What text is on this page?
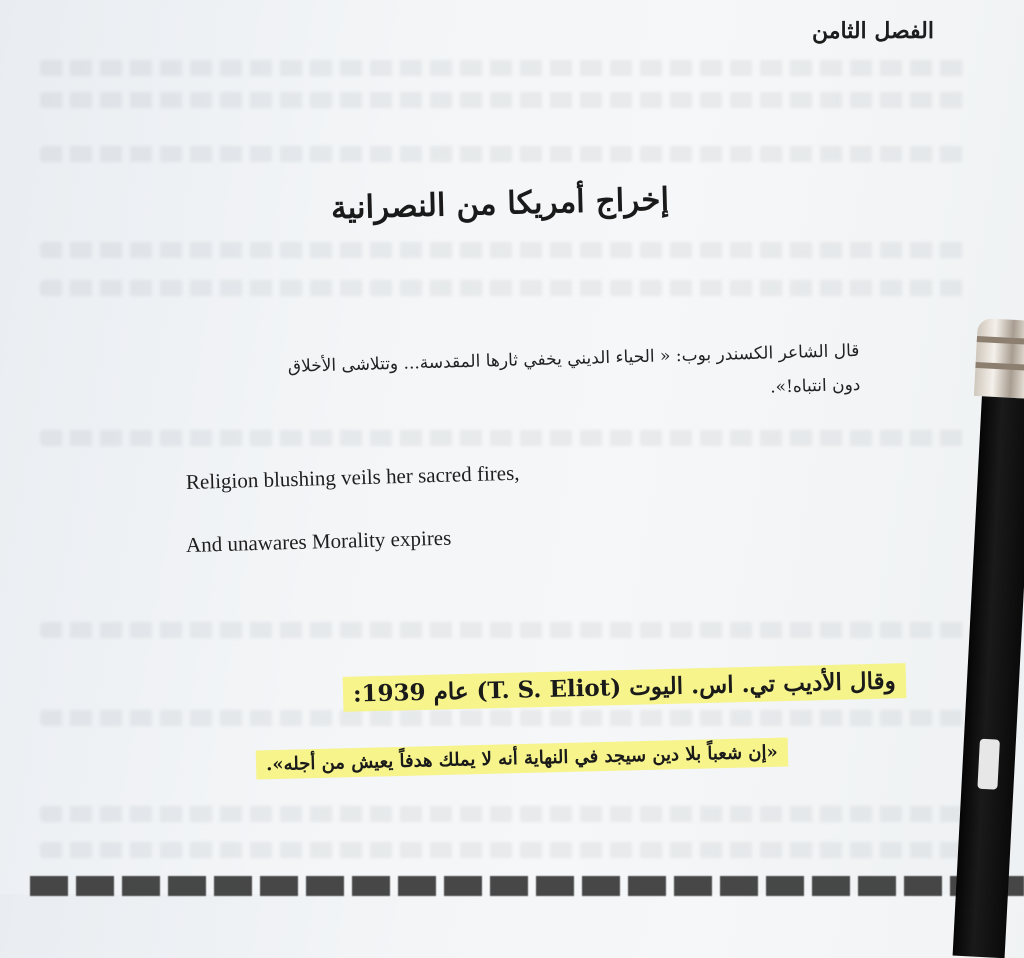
الفصل الثامن
إخراج أمريكا من النصرانية
قال الشاعر الكسندر بوب: « الحياء الديني يخفي ثارها المقدسة... وتتلاشى الأخلاق
دون انتباه!».
Religion blushing veils her sacred fires,
And unawares Morality expires
وقال الأديب تي. اس. اليوت (T. S. Eliot) عام 1939:
«إن شعباً بلا دين سيجد في النهاية أنه لا يملك هدفاً يعيش من أجله».
